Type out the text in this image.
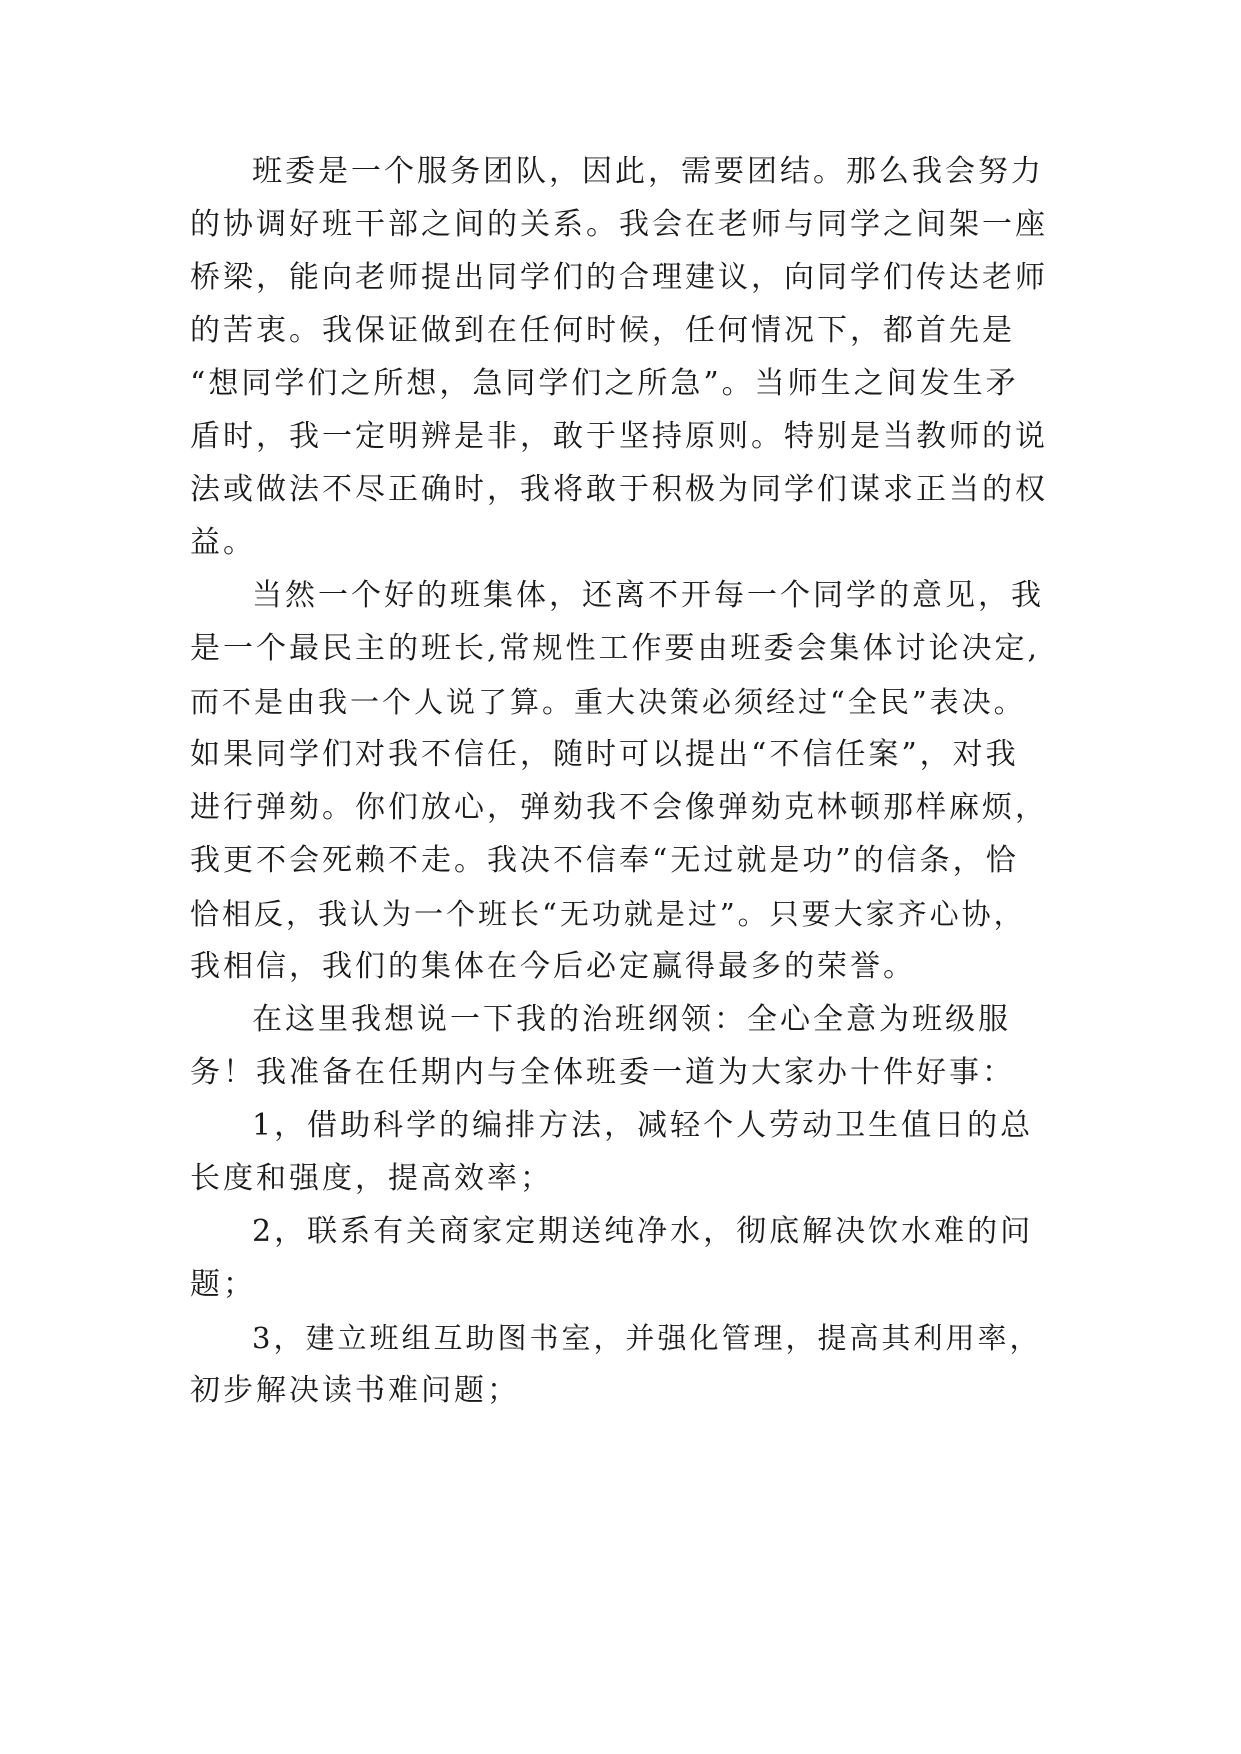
班委是一个服务团队，因此，需要团结。那么我会努力
的协调好班干部之间的关系。我会在老师与同学之间架一座
桥梁，能向老师提出同学们的合理建议，向同学们传达老师
的苦衷。我保证做到在任何时候，任何情况下，都首先是
“想同学们之所想，急同学们之所急”。当师生之间发生矛
盾时，我一定明辨是非，敢于坚持原则。特别是当教师的说
法或做法不尽正确时，我将敢于积极为同学们谋求正当的权
益。
当然一个好的班集体，还离不开每一个同学的意见，我
是一个最民主的班长,常规性工作要由班委会集体讨论决定,
而不是由我一个人说了算。重大决策必须经过“全民”表决。
如果同学们对我不信任，随时可以提出“不信任案”，对我
进行弹劾。你们放心，弹劾我不会像弹劾克林顿那样麻烦，
我更不会死赖不走。我决不信奉“无过就是功”的信条，恰
恰相反，我认为一个班长“无功就是过”。只要大家齐心协，
我相信，我们的集体在今后必定赢得最多的荣誉。
在这里我想说一下我的治班纲领：全心全意为班级服
务！我准备在任期内与全体班委一道为大家办十件好事：
1，借助科学的编排方法，减轻个人劳动卫生值日的总
长度和强度，提高效率；
2，联系有关商家定期送纯净水，彻底解决饮水难的问
题；
3，建立班组互助图书室，并强化管理，提高其利用率，
初步解决读书难问题；
